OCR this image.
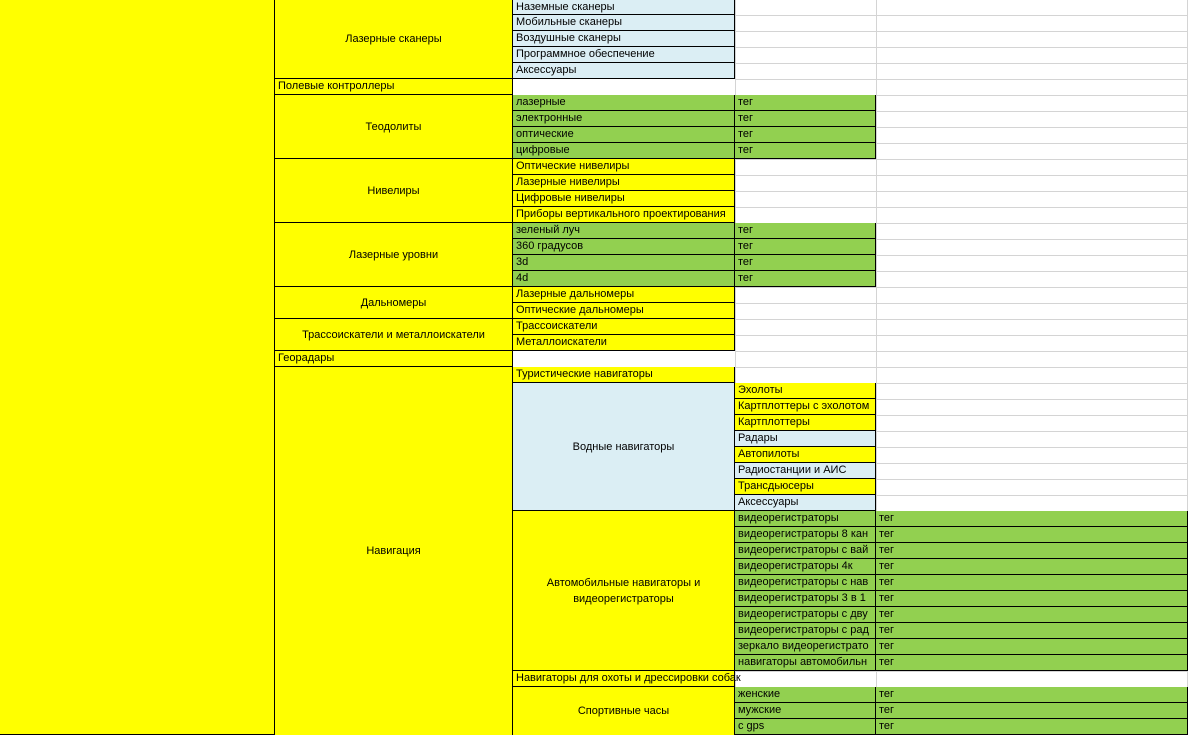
Лазерные сканеры
Наземные сканеры
Мобильные сканеры
Воздушные сканеры
Программное обеспечение
Аксессуары
Полевые контроллеры
Теодолиты
лазерные	тег
электронные	тег
оптические	тег
цифровые	тег
Нивелиры
Оптические нивелиры
Лазерные нивелиры
Цифровые нивелиры
Приборы вертикального проектирования
Лазерные уровни
зеленый луч	тег
360 градусов	тег
3d	тег
4d	тег
Дальномеры
Лазерные дальномеры
Оптические дальномеры
Трассоискатели и металлоискатели
Трассоискатели
Металлоискатели
Георадары
Навигация
Туристические навигаторы
Водные навигаторы
Эхолоты
Картплоттеры с эхолотом
Картплоттеры
Радары
Автопилоты
Радиостанции и АИС
Трансдьюсеры
Аксессуары
Автомобильные навигаторы и видеорегистраторы
видеорегистраторы	тег
видеорегистраторы 8 кан тег
видеорегистраторы с вай тег
видеорегистраторы 4к	тег
видеорегистраторы с нав тег
видеорегистраторы 3 в 1	тег
видеорегистраторы с дву	тег
видеорегистраторы с рад тег
зеркало видеорегистрато тег
навигаторы автомобильн	тег
Навигаторы для охоты и дрессировки собак
Спортивные часы
женские	тег
мужские	тег
с gps	тег
